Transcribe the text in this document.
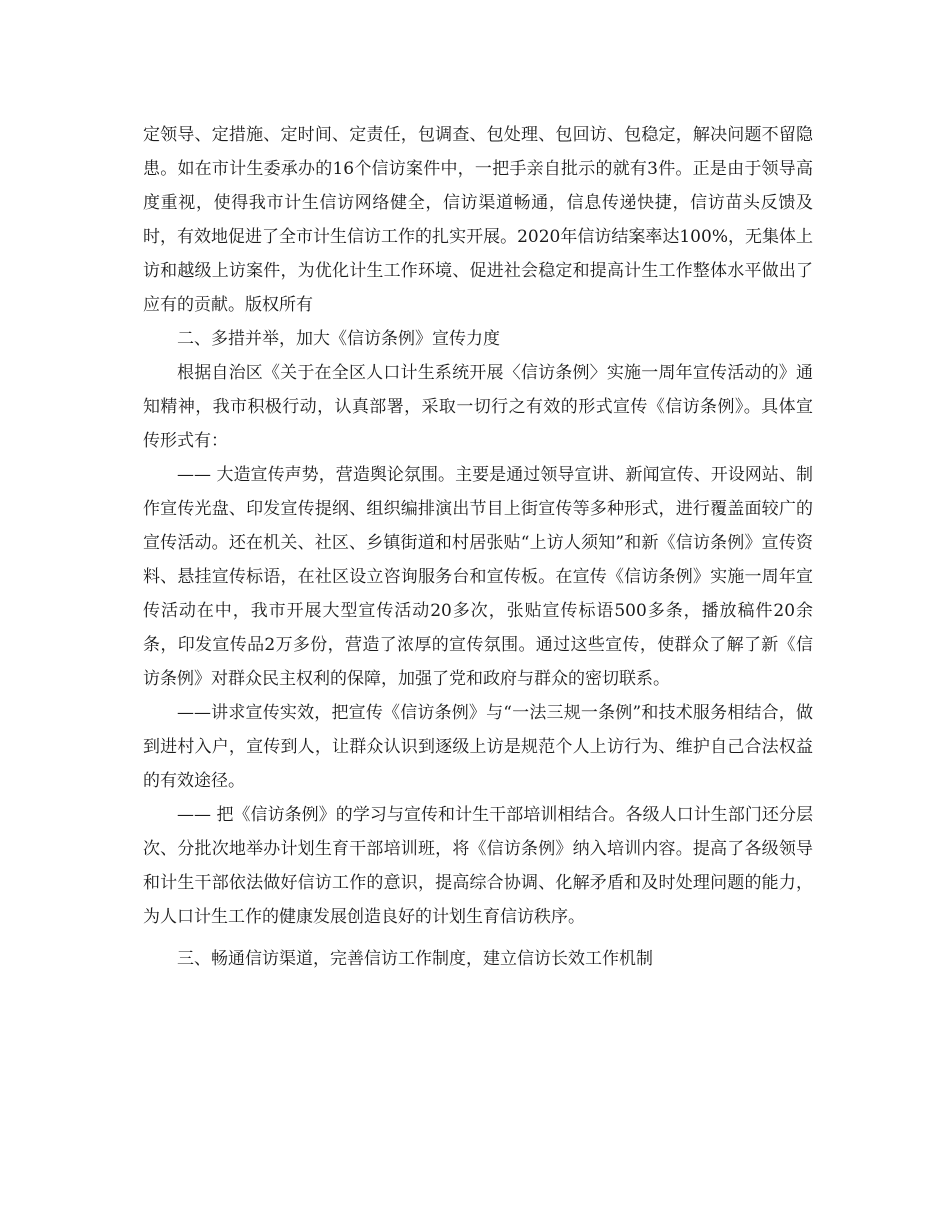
定领导、定措施、定时间、定责任，包调查、包处理、包回访、包稳定，解决问题不留隐患。如在市计生委承办的16个信访案件中，一把手亲自批示的就有3件。正是由于领导高度重视，使得我市计生信访网络健全，信访渠道畅通，信息传递快捷，信访苗头反馈及时，有效地促进了全市计生信访工作的扎实开展。2020年信访结案率达100%，无集体上访和越级上访案件，为优化计生工作环境、促进社会稳定和提高计生工作整体水平做出了应有的贡献。版权所有

二、多措并举，加大《信访条例》宣传力度

根据自治区《关于在全区人口计生系统开展〈信访条例〉实施一周年宣传活动的》通知精神，我市积极行动，认真部署，采取一切行之有效的形式宣传《信访条例》。具体宣传形式有：

—— 大造宣传声势，营造舆论氛围。主要是通过领导宣讲、新闻宣传、开设网站、制作宣传光盘、印发宣传提纲、组织编排演出节目上街宣传等多种形式，进行覆盖面较广的宣传活动。还在机关、社区、乡镇街道和村居张贴“上访人须知”和新《信访条例》宣传资料、悬挂宣传标语，在社区设立咨询服务台和宣传板。在宣传《信访条例》实施一周年宣传活动在中，我市开展大型宣传活动20多次，张贴宣传标语500多条，播放稿件20余条，印发宣传品2万多份，营造了浓厚的宣传氛围。通过这些宣传，使群众了解了新《信访条例》对群众民主权利的保障，加强了党和政府与群众的密切联系。

——讲求宣传实效，把宣传《信访条例》与“一法三规一条例”和技术服务相结合，做到进村入户，宣传到人，让群众认识到逐级上访是规范个人上访行为、维护自己合法权益的有效途径。

—— 把《信访条例》的学习与宣传和计生干部培训相结合。各级人口计生部门还分层次、分批次地举办计划生育干部培训班，将《信访条例》纳入培训内容。提高了各级领导和计生干部依法做好信访工作的意识，提高综合协调、化解矛盾和及时处理问题的能力，为人口计生工作的健康发展创造良好的计划生育信访秩序。

三、畅通信访渠道，完善信访工作制度，建立信访长效工作机制
